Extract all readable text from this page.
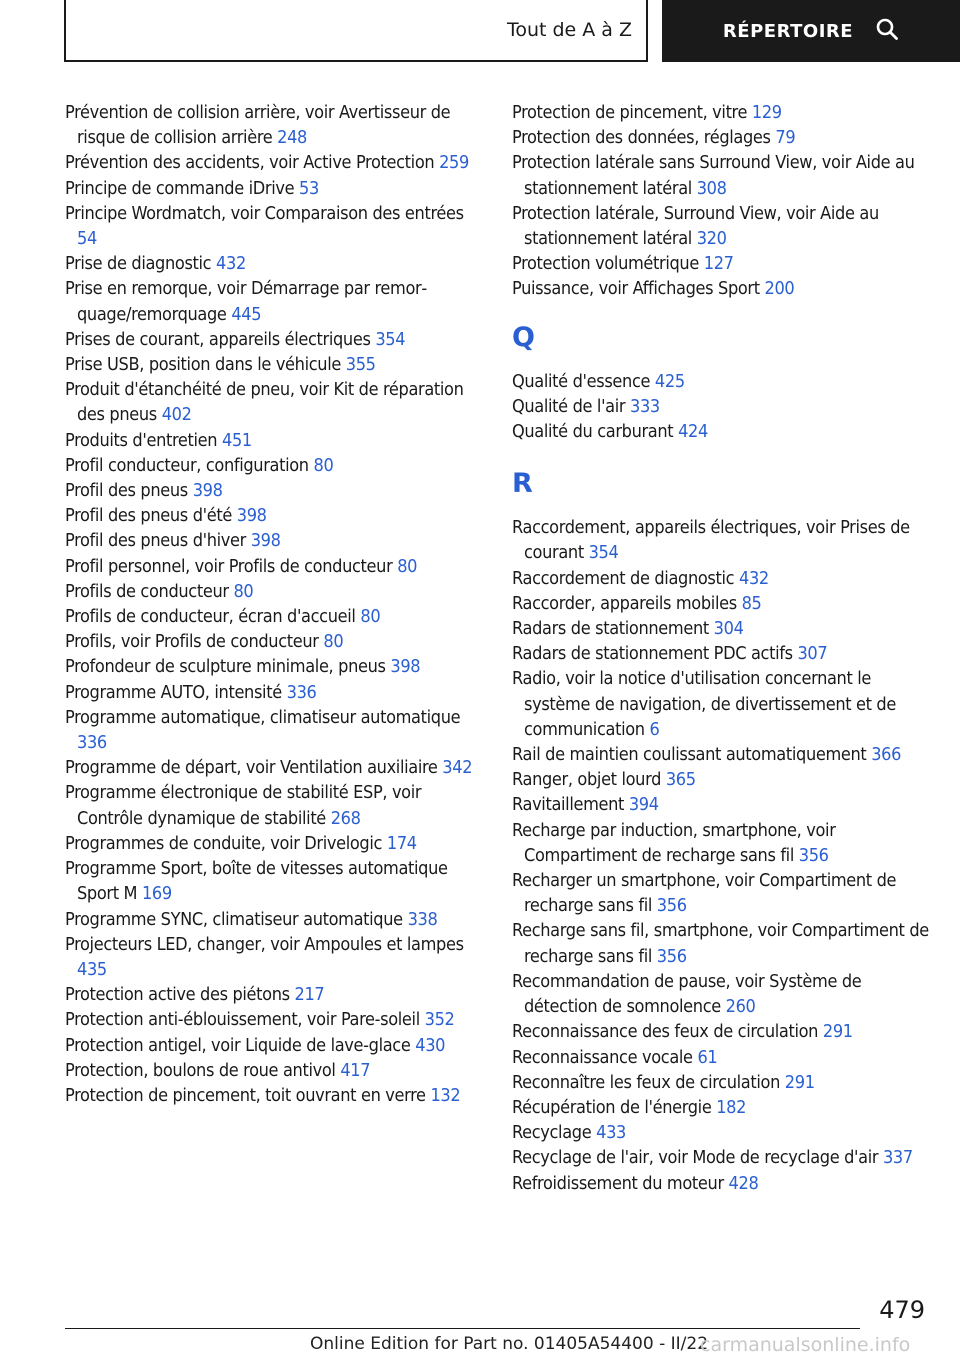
Tout de A à Z	RÉPERTOIRE
Prévention de collision arrière, voir Avertisseur de risque de collision arrière 248
Prévention des accidents, voir Active Protection 259
Principe de commande iDrive 53
Principe Wordmatch, voir Comparaison des entrées 54
Prise de diagnostic 432
Prise en remorque, voir Démarrage par remorquage/remorquage 445
Prises de courant, appareils électriques 354
Prise USB, position dans le véhicule 355
Produit d'étanchéité de pneu, voir Kit de réparation des pneus 402
Produits d'entretien 451
Profil conducteur, configuration 80
Profil des pneus 398
Profil des pneus d'été 398
Profil des pneus d'hiver 398
Profil personnel, voir Profils de conducteur 80
Profils de conducteur 80
Profils de conducteur, écran d'accueil 80
Profils, voir Profils de conducteur 80
Profondeur de sculpture minimale, pneus 398
Programme AUTO, intensité 336
Programme automatique, climatiseur automatique 336
Programme de départ, voir Ventilation auxiliaire 342
Programme électronique de stabilité ESP, voir Contrôle dynamique de stabilité 268
Programmes de conduite, voir Drivelogic 174
Programme Sport, boîte de vitesses automatique Sport M 169
Programme SYNC, climatiseur automatique 338
Projecteurs LED, changer, voir Ampoules et lampes 435
Protection active des piétons 217
Protection anti-éblouissement, voir Pare-soleil 352
Protection antigel, voir Liquide de lave-glace 430
Protection, boulons de roue antivol 417
Protection de pincement, toit ouvrant en verre 132
Protection de pincement, vitre 129
Protection des données, réglages 79
Protection latérale sans Surround View, voir Aide au stationnement latéral 308
Protection latérale, Surround View, voir Aide au stationnement latéral 320
Protection volumétrique 127
Puissance, voir Affichages Sport 200
Q
Qualité d'essence 425
Qualité de l'air 333
Qualité du carburant 424
R
Raccordement, appareils électriques, voir Prises de courant 354
Raccordement de diagnostic 432
Raccorder, appareils mobiles 85
Radars de stationnement 304
Radars de stationnement PDC actifs 307
Radio, voir la notice d'utilisation concernant le système de navigation, de divertissement et de communication 6
Rail de maintien coulissant automatiquement 366
Ranger, objet lourd 365
Ravitaillement 394
Recharge par induction, smartphone, voir Compartiment de recharge sans fil 356
Recharger un smartphone, voir Compartiment de recharge sans fil 356
Recharge sans fil, smartphone, voir Compartiment de recharge sans fil 356
Recommandation de pause, voir Système de détection de somnolence 260
Reconnaissance des feux de circulation 291
Reconnaissance vocale 61
Reconnaître les feux de circulation 291
Récupération de l'énergie 182
Recyclage 433
Recyclage de l'air, voir Mode de recyclage d'air 337
Refroidissement du moteur 428
479
Online Edition for Part no. 01405A54400 - II/22
carmanualsonline.info
